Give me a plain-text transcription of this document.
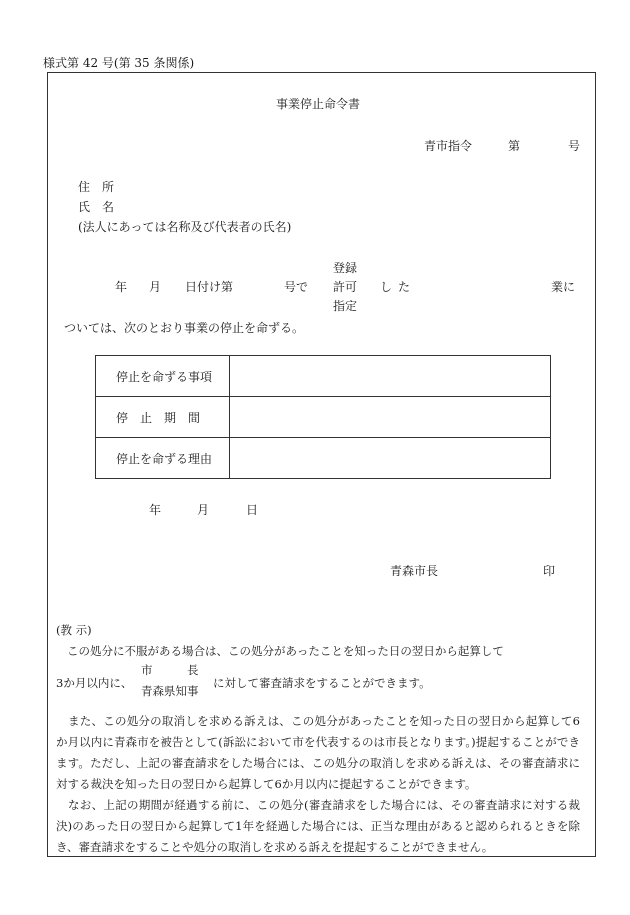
様式第 42 号(第 35 条関係)
事業停止命令書
青市指令	第	号
住　所
氏　名
(法人にあっては名称及び代表者の氏名)
登録
年 月 日付け第	号で 許可 した	業に
指定
ついては、次のとおり事業の停止を命ずる。
停止を命ずる事項	
停　止　期　間	
停止を命ずる理由	
年	月	日
青森市長	印
(教 示)
この処分に不服がある場合は、この処分があったことを知った日の翌日から起算して
3か月以内に、
市　　　長
青森県知事
に対して審査請求をすることができます。
また、この処分の取消しを求める訴えは、この処分があったことを知った日の翌日から起算して6か月以内に青森市を被告として(訴訟において市を代表するのは市長となります。)提起することができます。ただし、上記の審査請求をした場合には、この処分の取消しを求める訴えは、その審査請求に対する裁決を知った日の翌日から起算して6か月以内に提起することができます。
なお、上記の期間が経過する前に、この処分(審査請求をした場合には、その審査請求に対する裁決)のあった日の翌日から起算して1年を経過した場合には、正当な理由があると認められるときを除き、審査請求をすることや処分の取消しを求める訴えを提起することができません。
